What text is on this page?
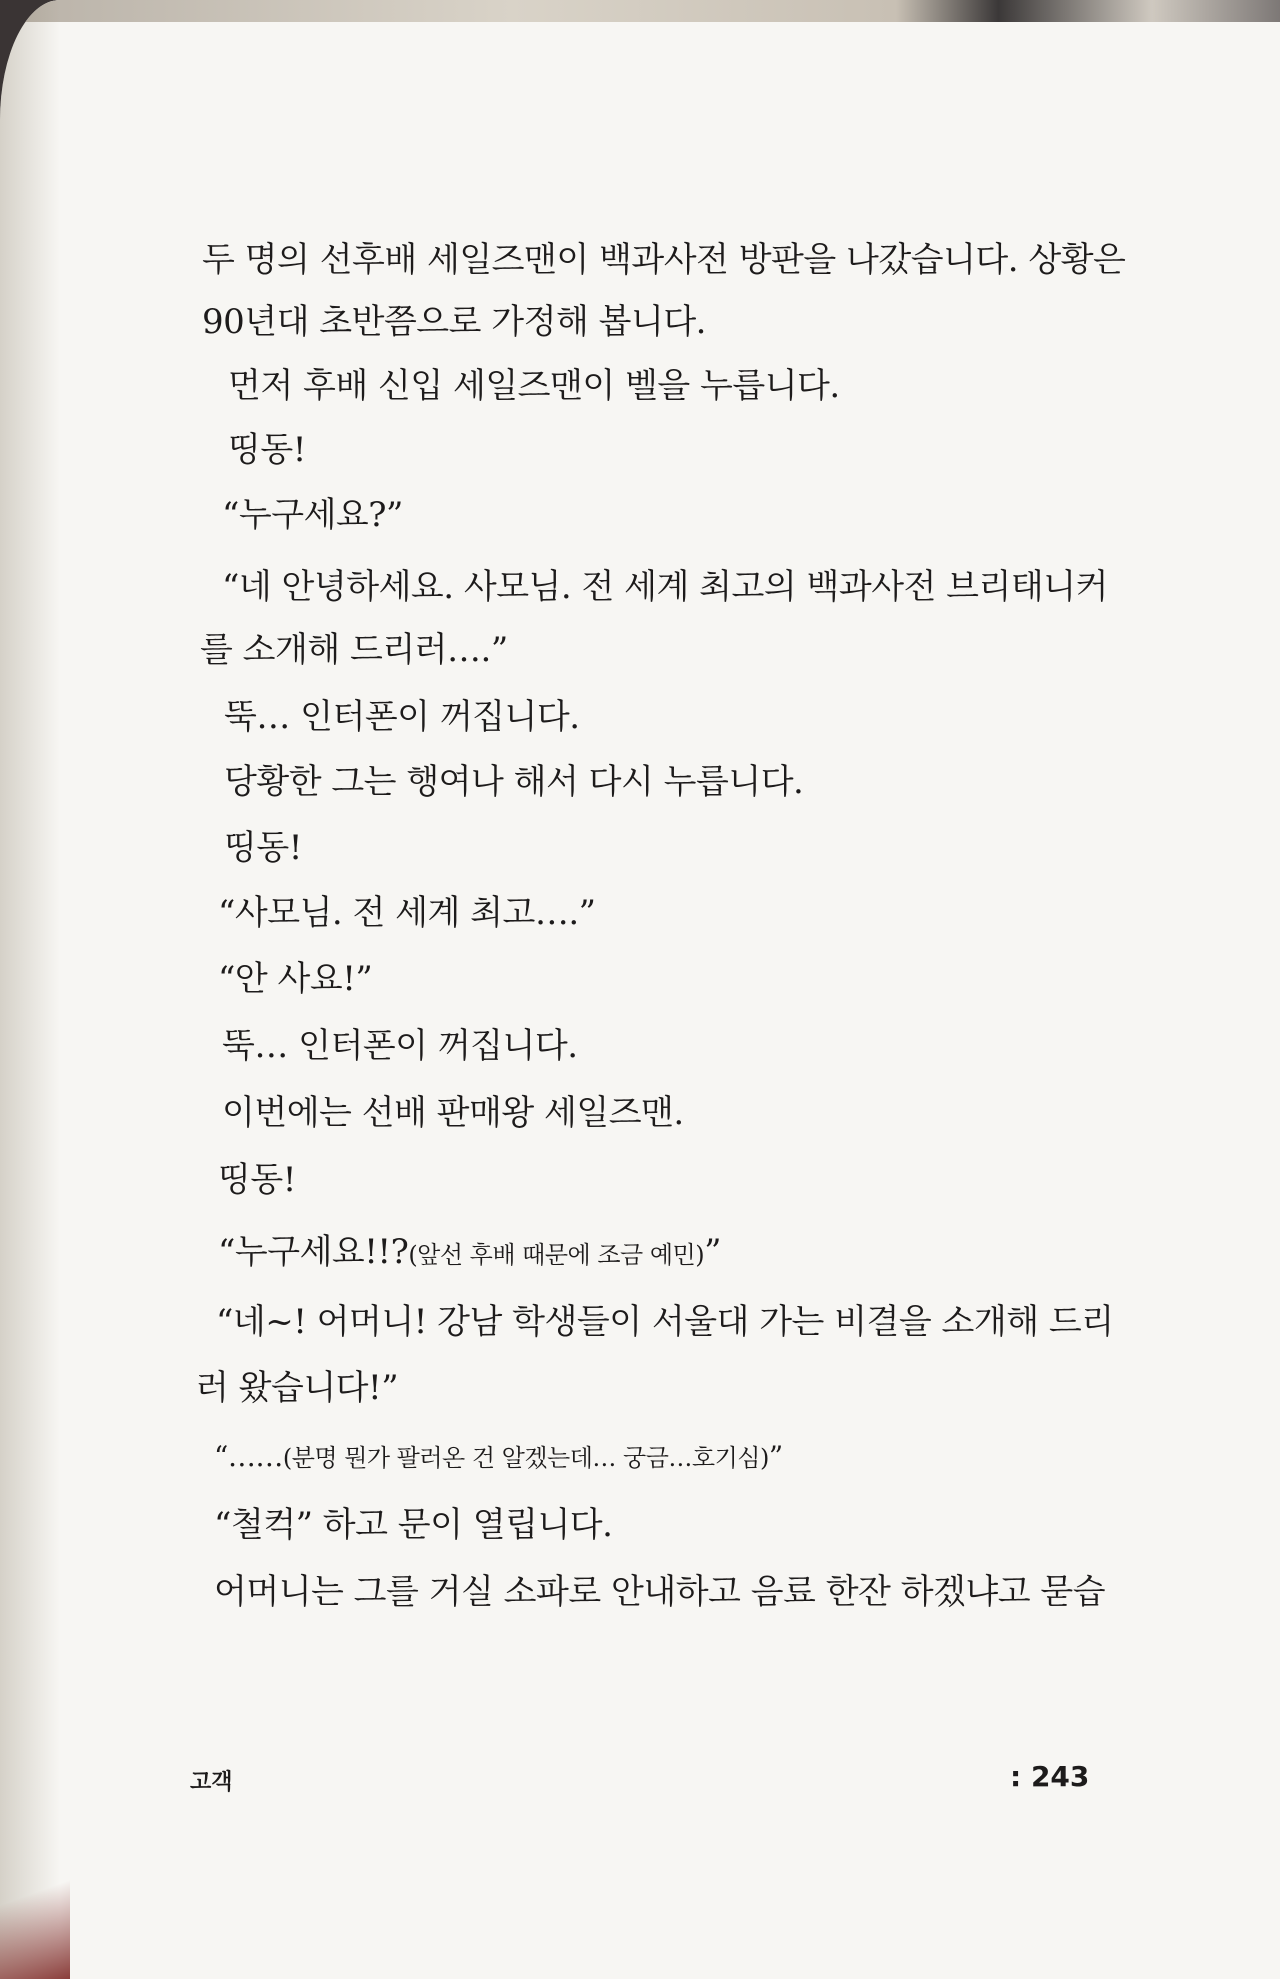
두 명의 선후배 세일즈맨이 백과사전 방판을 나갔습니다. 상황은
90년대 초반쯤으로 가정해 봅니다.
먼저 후배 신입 세일즈맨이 벨을 누릅니다.
띵동!
“누구세요?”
“네 안녕하세요. 사모님. 전 세계 최고의 백과사전 브리태니커
를 소개해 드리러….”
뚝… 인터폰이 꺼집니다.
당황한 그는 행여나 해서 다시 누릅니다.
띵동!
“사모님. 전 세계 최고….”
“안 사요!”
뚝… 인터폰이 꺼집니다.
이번에는 선배 판매왕 세일즈맨.
띵동!
“누구세요!!?(앞선 후배 때문에 조금 예민)”
“네~! 어머니! 강남 학생들이 서울대 가는 비결을 소개해 드리
러 왔습니다!”
“……(분명 뭔가 팔러온 건 알겠는데… 궁금…호기심)”
“철컥” 하고 문이 열립니다.
어머니는 그를 거실 소파로 안내하고 음료 한잔 하겠냐고 묻습
고객	: 243
